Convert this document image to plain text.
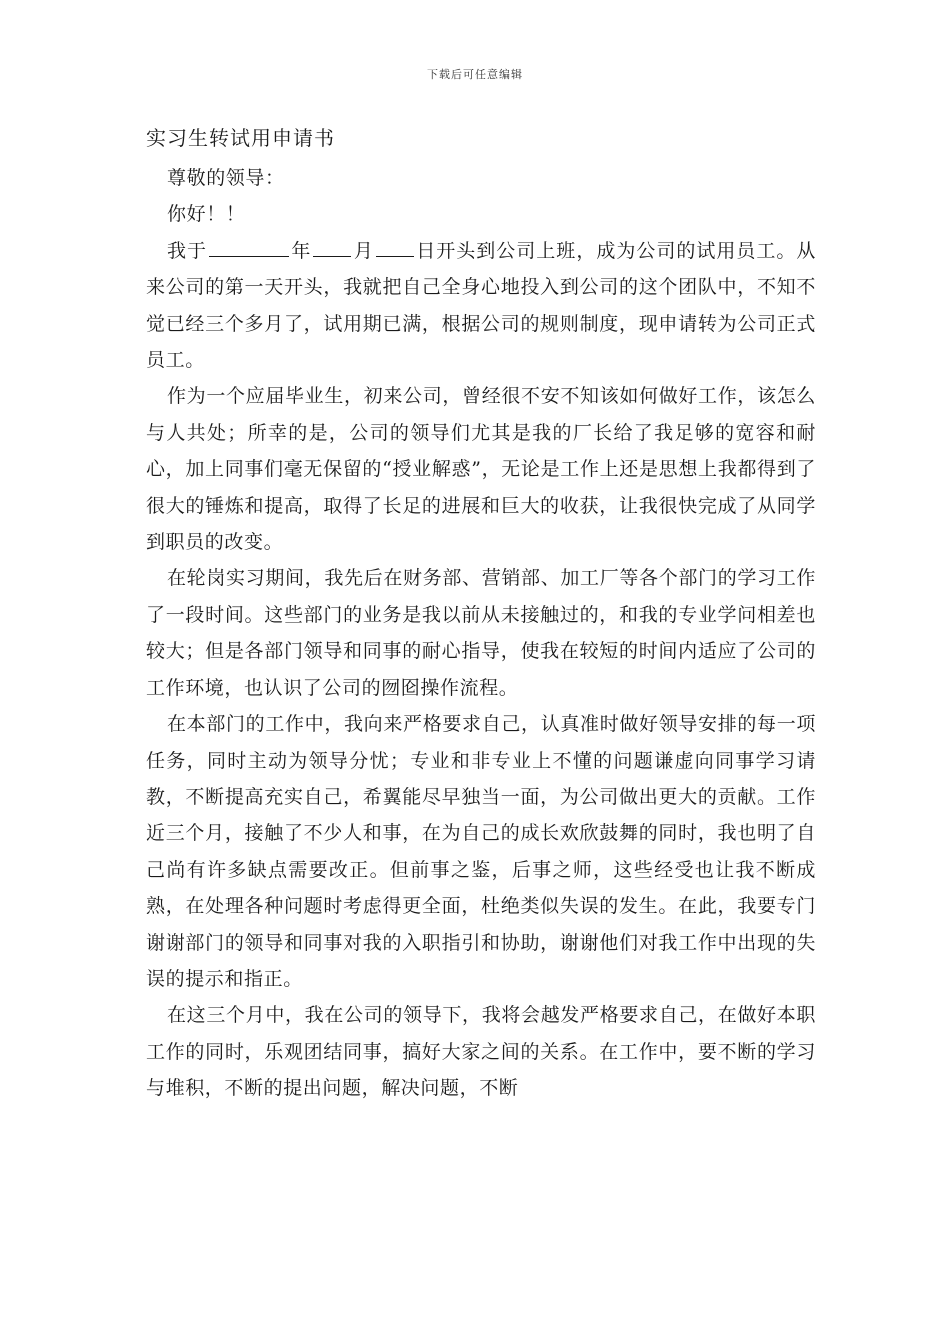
下载后可任意编辑
实习生转试用申请书

尊敬的领导：

你好！！

我于	年 月 日开头到公司上班，成为公司的试用员工。从来公司的第一天开头，我就把自己全身心地投入到公司的这个团队中，不知不觉已经三个多月了，试用期已满，根据公司的规则制度，现申请转为公司正式员工。

作为一个应届毕业生，初来公司，曾经很不安不知该如何做好工作，该怎么与人共处；所幸的是，公司的领导们尤其是我的厂长给了我足够的宽容和耐心，加上同事们毫无保留的“授业解惑”，无论是工作上还是思想上我都得到了很大的锤炼和提高，取得了长足的进展和巨大的收获，让我很快完成了从同学到职员的改变。

在轮岗实习期间，我先后在财务部、营销部、加工厂等各个部门的学习工作了一段时间。这些部门的业务是我以前从未接触过的，和我的专业学问相差也较大；但是各部门领导和同事的耐心指导，使我在较短的时间内适应了公司的工作环境，也认识了公司的囫囵操作流程。

在本部门的工作中，我向来严格要求自己，认真准时做好领导安排的每一项任务，同时主动为领导分忧；专业和非专业上不懂的问题谦虚向同事学习请教，不断提高充实自己，希翼能尽早独当一面，为公司做出更大的贡献。工作近三个月，接触了不少人和事，在为自己的成长欢欣鼓舞的同时，我也明了自己尚有许多缺点需要改正。但前事之鉴，后事之师，这些经受也让我不断成熟，在处理各种问题时考虑得更全面，杜绝类似失误的发生。在此，我要专门谢谢部门的领导和同事对我的入职指引和协助，谢谢他们对我工作中出现的失误的提示和指正。

在这三个月中，我在公司的领导下，我将会越发严格要求自己，在做好本职工作的同时，乐观团结同事，搞好大家之间的关系。在工作中，要不断的学习与堆积，不断的提出问题，解决问题，不断
